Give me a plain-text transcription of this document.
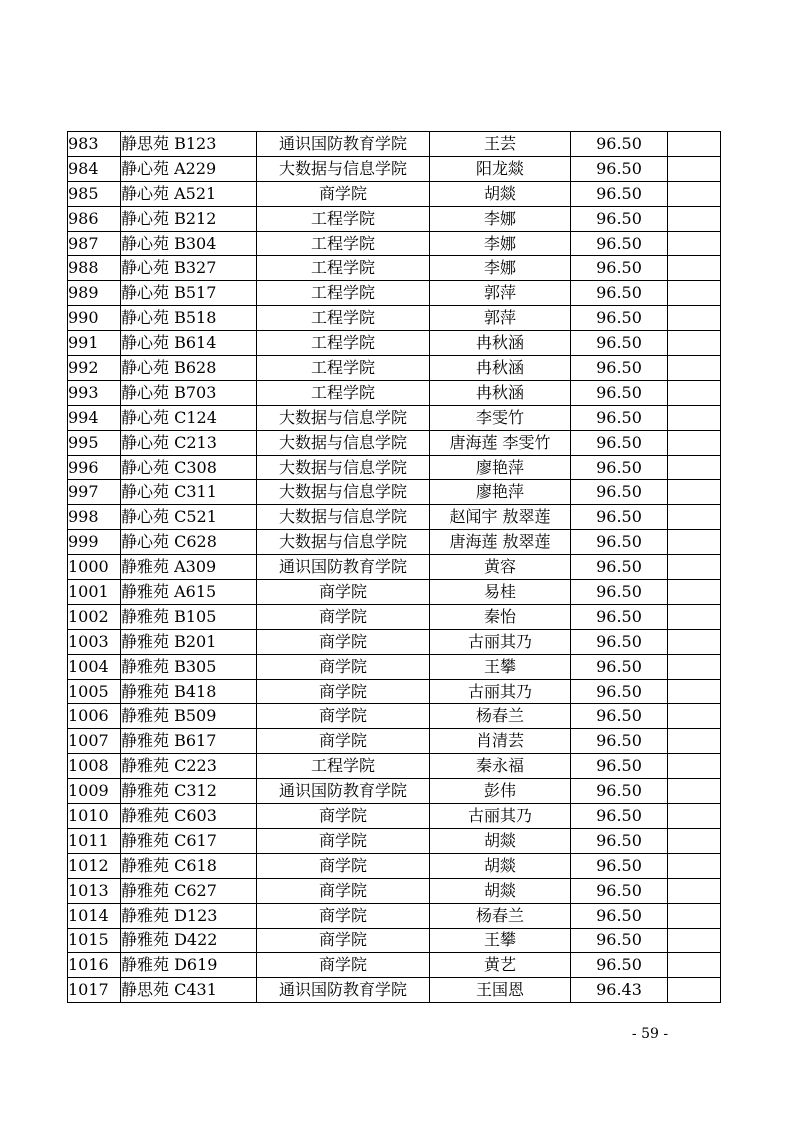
983	静思苑 B123	通识国防教育学院	王芸	96.50	
984	静心苑 A229	大数据与信息学院	阳龙燚	96.50	
985	静心苑 A521	商学院	胡燚	96.50	
986	静心苑 B212	工程学院	李娜	96.50	
987	静心苑 B304	工程学院	李娜	96.50	
988	静心苑 B327	工程学院	李娜	96.50	
989	静心苑 B517	工程学院	郭萍	96.50	
990	静心苑 B518	工程学院	郭萍	96.50	
991	静心苑 B614	工程学院	冉秋涵	96.50	
992	静心苑 B628	工程学院	冉秋涵	96.50	
993	静心苑 B703	工程学院	冉秋涵	96.50	
994	静心苑 C124	大数据与信息学院	李雯竹	96.50	
995	静心苑 C213	大数据与信息学院	唐海莲 李雯竹	96.50	
996	静心苑 C308	大数据与信息学院	廖艳萍	96.50	
997	静心苑 C311	大数据与信息学院	廖艳萍	96.50	
998	静心苑 C521	大数据与信息学院	赵闻宇 敖翠莲	96.50	
999	静心苑 C628	大数据与信息学院	唐海莲 敖翠莲	96.50	
1000	静雅苑 A309	通识国防教育学院	黄容	96.50	
1001	静雅苑 A615	商学院	易桂	96.50	
1002	静雅苑 B105	商学院	秦怡	96.50	
1003	静雅苑 B201	商学院	古丽其乃	96.50	
1004	静雅苑 B305	商学院	王攀	96.50	
1005	静雅苑 B418	商学院	古丽其乃	96.50	
1006	静雅苑 B509	商学院	杨春兰	96.50	
1007	静雅苑 B617	商学院	肖清芸	96.50	
1008	静雅苑 C223	工程学院	秦永福	96.50	
1009	静雅苑 C312	通识国防教育学院	彭伟	96.50	
1010	静雅苑 C603	商学院	古丽其乃	96.50	
1011	静雅苑 C617	商学院	胡燚	96.50	
1012	静雅苑 C618	商学院	胡燚	96.50	
1013	静雅苑 C627	商学院	胡燚	96.50	
1014	静雅苑 D123	商学院	杨春兰	96.50	
1015	静雅苑 D422	商学院	王攀	96.50	
1016	静雅苑 D619	商学院	黄艺	96.50	
1017	静思苑 C431	通识国防教育学院	王国恩	96.43	
- 59 -
